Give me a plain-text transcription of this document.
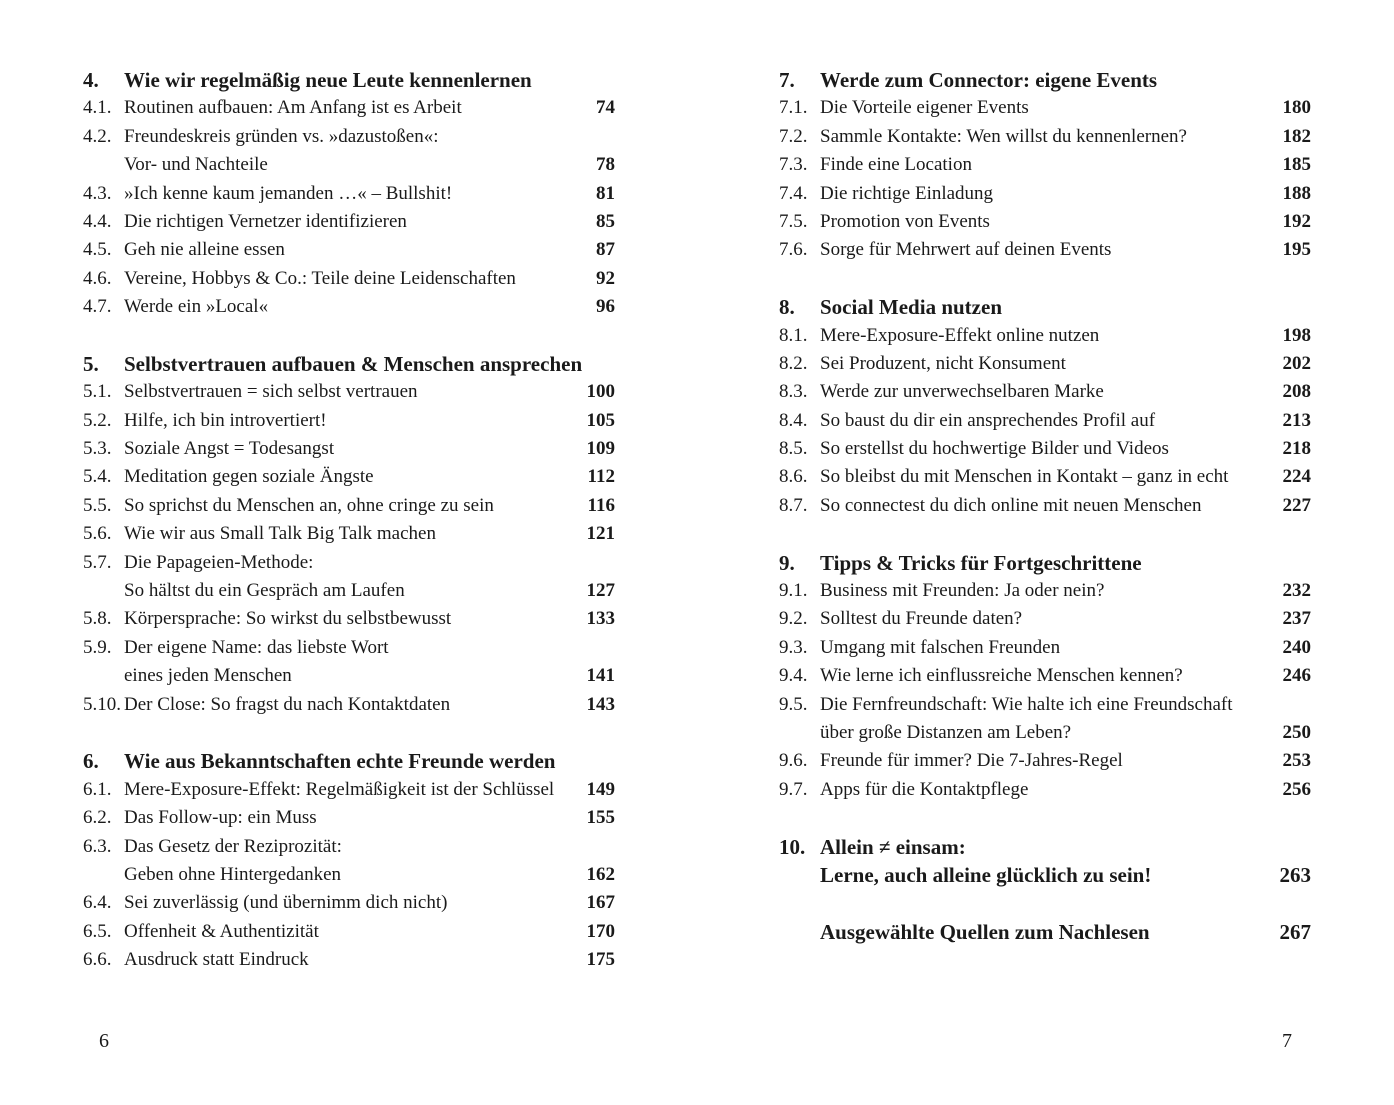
4. Wie wir regelmäßig neue Leute kennenlernen
4.1. Routinen aufbauen: Am Anfang ist es Arbeit	74
4.2. Freundeskreis gründen vs. »dazustoßen«:
Vor- und Nachteile	78
4.3. »Ich kenne kaum jemanden …« – Bullshit!	81
4.4. Die richtigen Vernetzer identifizieren	85
4.5. Geh nie alleine essen	87
4.6. Vereine, Hobbys & Co.: Teile deine Leidenschaften	92
4.7. Werde ein »Local«	96
5. Selbstvertrauen aufbauen & Menschen ansprechen
5.1. Selbstvertrauen = sich selbst vertrauen	100
5.2. Hilfe, ich bin introvertiert!	105
5.3. Soziale Angst = Todesangst	109
5.4. Meditation gegen soziale Ängste	112
5.5. So sprichst du Menschen an, ohne cringe zu sein	116
5.6. Wie wir aus Small Talk Big Talk machen	121
5.7. Die Papageien-Methode:
So hältst du ein Gespräch am Laufen	127
5.8. Körpersprache: So wirkst du selbstbewusst	133
5.9. Der eigene Name: das liebste Wort
eines jeden Menschen	141
5.10. Der Close: So fragst du nach Kontaktdaten	143
6. Wie aus Bekanntschaften echte Freunde werden
6.1. Mere-Exposure-Effekt: Regelmäßigkeit ist der Schlüssel 149
6.2. Das Follow-up: ein Muss	155
6.3. Das Gesetz der Reziprozität:
Geben ohne Hintergedanken	162
6.4. Sei zuverlässig (und übernimm dich nicht)	167
6.5. Offenheit & Authentizität	170
6.6. Ausdruck statt Eindruck	175
7. Werde zum Connector: eigene Events
7.1. Die Vorteile eigener Events	180
7.2. Sammle Kontakte: Wen willst du kennenlernen?	182
7.3. Finde eine Location	185
7.4. Die richtige Einladung	188
7.5. Promotion von Events	192
7.6. Sorge für Mehrwert auf deinen Events	195
8. Social Media nutzen
8.1. Mere-Exposure-Effekt online nutzen	198
8.2. Sei Produzent, nicht Konsument	202
8.3. Werde zur unverwechselbaren Marke	208
8.4. So baust du dir ein ansprechendes Profil auf	213
8.5. So erstellst du hochwertige Bilder und Videos	218
8.6. So bleibst du mit Menschen in Kontakt – ganz in echt	224
8.7. So connectest du dich online mit neuen Menschen	227
9. Tipps & Tricks für Fortgeschrittene
9.1. Business mit Freunden: Ja oder nein?	232
9.2. Solltest du Freunde daten?	237
9.3. Umgang mit falschen Freunden	240
9.4. Wie lerne ich einflussreiche Menschen kennen?	246
9.5. Die Fernfreundschaft: Wie halte ich eine Freundschaft
über große Distanzen am Leben?	250
9.6. Freunde für immer? Die 7-Jahres-Regel	253
9.7. Apps für die Kontaktpflege	256
10. Allein ≠ einsam:
Lerne, auch alleine glücklich zu sein!	263
Ausgewählte Quellen zum Nachlesen	267
6	7
